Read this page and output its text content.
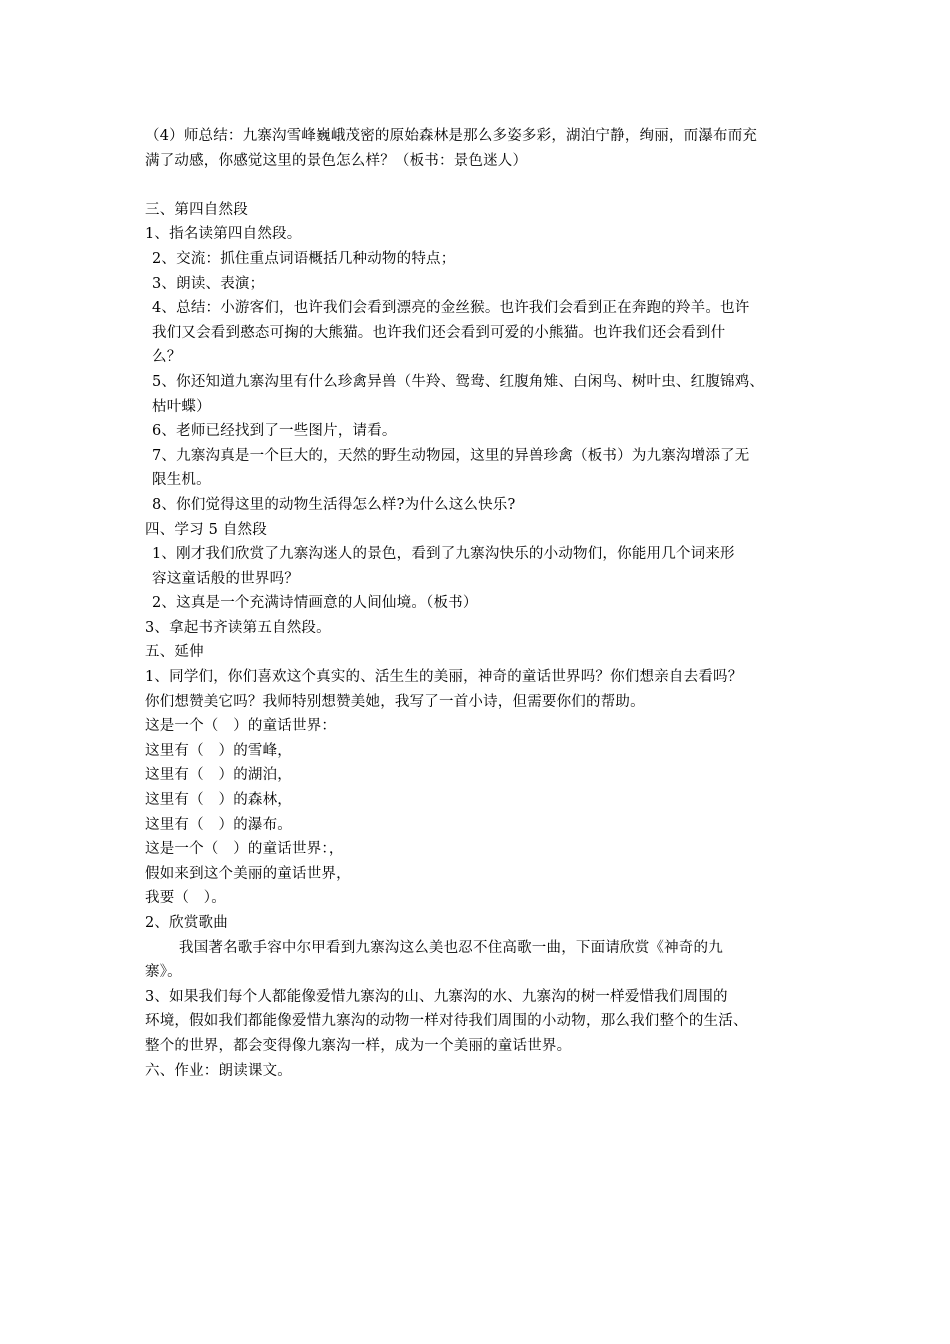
（4）师总结：九寨沟雪峰巍峨茂密的原始森林是那么多姿多彩，湖泊宁静，绚丽，而瀑布而充
满了动感，你感觉这里的景色怎么样？（板书：景色迷人）
三、第四自然段
1、指名读第四自然段。
2、交流：抓住重点词语概括几种动物的特点；
3、朗读、表演；
4、总结：小游客们，也许我们会看到漂亮的金丝猴。也许我们会看到正在奔跑的羚羊。也许
我们又会看到憨态可掬的大熊猫。也许我们还会看到可爱的小熊猫。也许我们还会看到什
么？
5、你还知道九寨沟里有什么珍禽异兽（牛羚、鸳鸯、红腹角雉、白闲鸟、树叶虫、红腹锦鸡、
枯叶蝶）
6、老师已经找到了一些图片，请看。
7、九寨沟真是一个巨大的，天然的野生动物园，这里的异兽珍禽（板书）为九寨沟增添了无
限生机。
8、你们觉得这里的动物生活得怎么样?为什么这么快乐?
四、学习 5 自然段
1、刚才我们欣赏了九寨沟迷人的景色，看到了九寨沟快乐的小动物们，你能用几个词来形
容这童话般的世界吗？
2、这真是一个充满诗情画意的人间仙境。（板书）
3、拿起书齐读第五自然段。
五、延伸
1、同学们，你们喜欢这个真实的、活生生的美丽，神奇的童话世界吗？你们想亲自去看吗？
你们想赞美它吗？我师特别想赞美她，我写了一首小诗，但需要你们的帮助。
这是一个（　）的童话世界：
这里有（　）的雪峰，
这里有（　）的湖泊，
这里有（　）的森林，
这里有（　）的瀑布。
这是一个（　）的童话世界：，
假如来到这个美丽的童话世界，
我要（　）。
2、欣赏歌曲
我国著名歌手容中尔甲看到九寨沟这么美也忍不住高歌一曲，下面请欣赏《神奇的九
寨》。
3、如果我们每个人都能像爱惜九寨沟的山、九寨沟的水、九寨沟的树一样爱惜我们周围的
环境，假如我们都能像爱惜九寨沟的动物一样对待我们周围的小动物，那么我们整个的生活、
整个的世界，都会变得像九寨沟一样，成为一个美丽的童话世界。
六、作业：朗读课文。
